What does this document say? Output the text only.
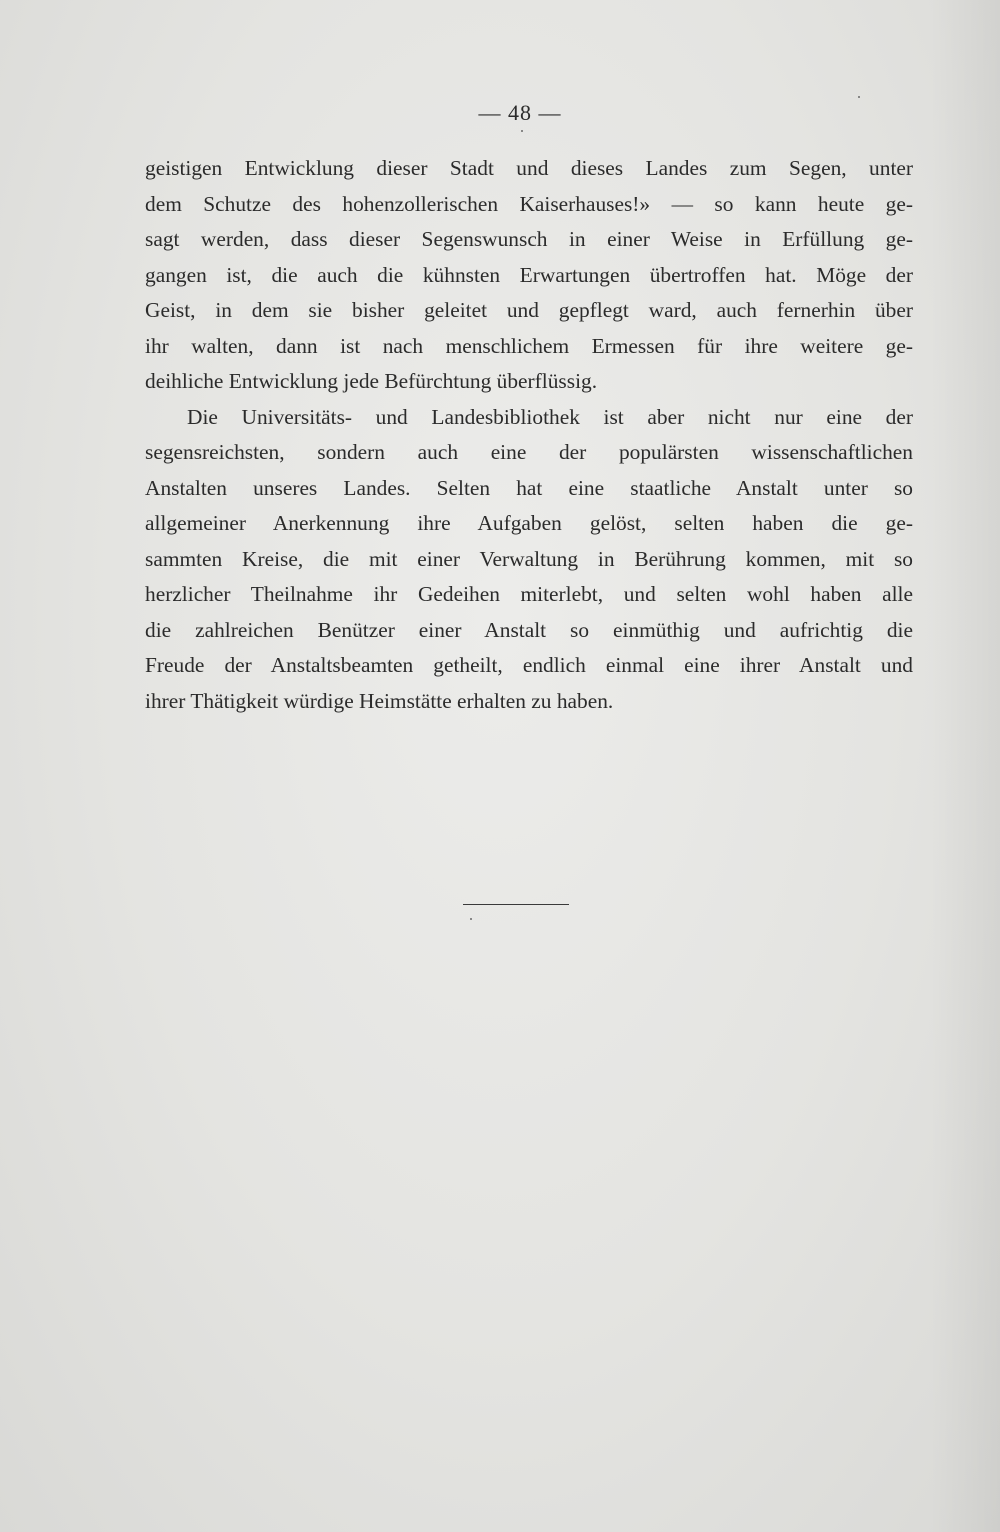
— 48 —
geistigen Entwicklung dieser Stadt und dieses Landes zum Segen, unter
dem Schutze des hohenzollerischen Kaiserhauses!» — so kann heute ge-
sagt werden, dass dieser Segenswunsch in einer Weise in Erfüllung ge-
gangen ist, die auch die kühnsten Erwartungen übertroffen hat. Möge der
Geist, in dem sie bisher geleitet und gepflegt ward, auch fernerhin über
ihr walten, dann ist nach menschlichem Ermessen für ihre weitere ge-
deihliche Entwicklung jede Befürchtung überflüssig.
Die Universitäts- und Landesbibliothek ist aber nicht nur eine der
segensreichsten, sondern auch eine der populärsten wissenschaftlichen
Anstalten unseres Landes. Selten hat eine staatliche Anstalt unter so
allgemeiner Anerkennung ihre Aufgaben gelöst, selten haben die ge-
sammten Kreise, die mit einer Verwaltung in Berührung kommen, mit so
herzlicher Theilnahme ihr Gedeihen miterlebt, und selten wohl haben alle
die zahlreichen Benützer einer Anstalt so einmüthig und aufrichtig die
Freude der Anstaltsbeamten getheilt, endlich einmal eine ihrer Anstalt und
ihrer Thätigkeit würdige Heimstätte erhalten zu haben.
